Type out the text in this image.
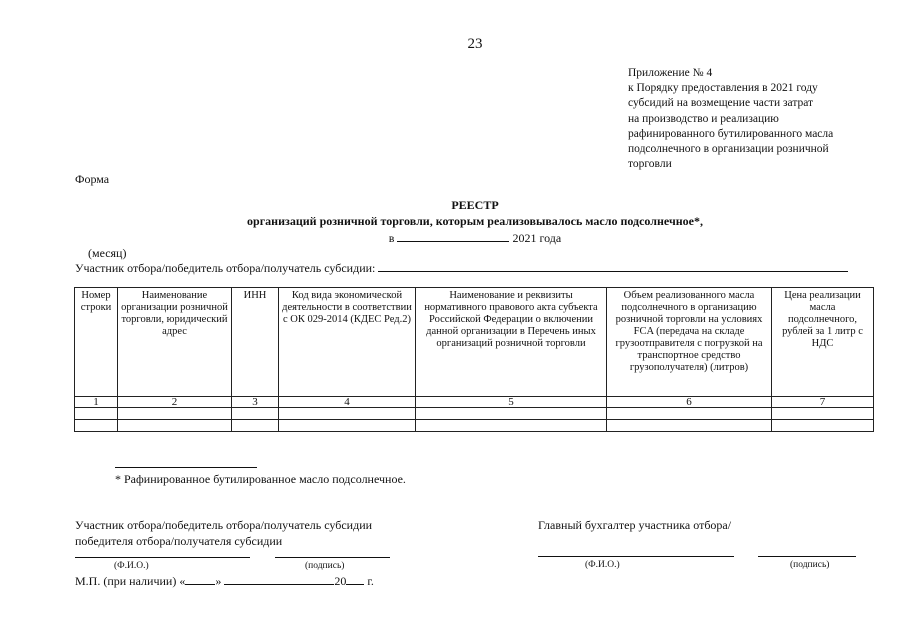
23
Приложение № 4
к Порядку предоставления в 2021 году
субсидий на возмещение части затрат
на производство и реализацию
рафинированного бутилированного масла
подсолнечного в организации розничной
торговли
Форма
РЕЕСТР
организаций розничной торговли, которым реализовывалось масло подсолнечное*,
в	2021 года
(месяц)
Участник отбора/победитель отбора/получатель субсидии:
Номер строки	Наименование организации розничной торговли, юридический адрес	ИНН	Код вида экономической деятельности в соответствии с ОК 029-2014 (КДЕС Ред.2)	Наименование и реквизиты нормативного правового акта субъекта Российской Федерации о включении данной организации в Перечень иных организаций розничной торговли	Объем реализованного масла подсолнечного в организацию розничной торговли на условиях FCA (передача на складе грузоотправителя с погрузкой на транспортное средство грузополучателя) (литров)	Цена реализации масла подсолнечного, рублей за 1 литр с НДС
1	2	3	4	5	6	7

* Рафинированное бутилированное масло подсолнечное.
Участник отбора/победитель отбора/получатель субсидии
победителя отбора/получателя субсидии
Главный бухгалтер участника отбора/
(Ф.И.О.)	(подпись)	(Ф.И.О.)	(подпись)
М.П. (при наличии) «	»	20 г.
